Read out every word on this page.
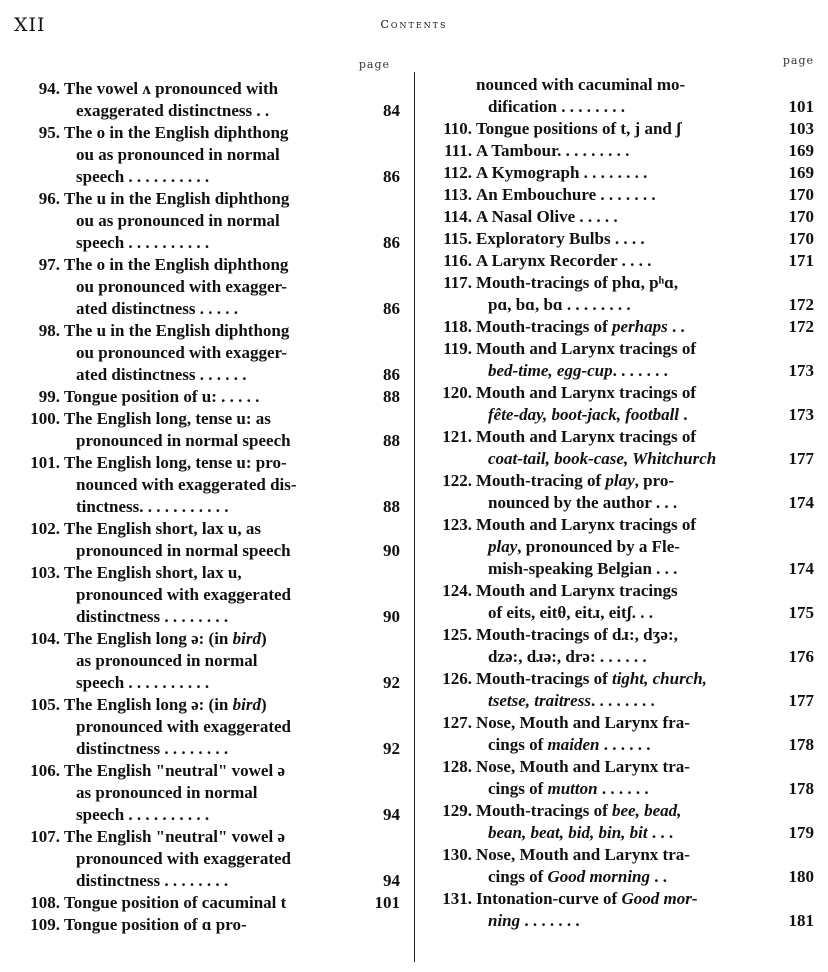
XII	Contents
page
94. The vowel ʌ pronounced with
exaggerated distinctness . .	84
95. The o in the English diphthong
ou as pronounced in normal
speech . . . . . . . . . .	86
96. The u in the English diphthong
ou as pronounced in normal
speech . . . . . . . . . .	86
97. The o in the English diphthong
ou pronounced with exagger-
ated distinctness . . . . .	86
98. The u in the English diphthong
ou pronounced with exagger-
ated distinctness . . . . . .	86
99. Tongue position of u: . . . . .	88
100. The English long, tense u: as
pronounced in normal speech	88
101. The English long, tense u: pro-
nounced with exaggerated dis-
tinctness. . . . . . . . . . .	88
102. The English short, lax u, as
pronounced in normal speech	90
103. The English short, lax u,
pronounced with exaggerated
distinctness . . . . . . . .	90
104. The English long ə: (in bird)
as pronounced in normal
speech . . . . . . . . . .	92
105. The English long ə: (in bird)
pronounced with exaggerated
distinctness . . . . . . . .	92
106. The English "neutral" vowel ə
as pronounced in normal
speech . . . . . . . . . .	94
107. The English "neutral" vowel ə
pronounced with exaggerated
distinctness . . . . . . . .	94
108. Tongue position of cacuminal t	101
109. Tongue position of ɑ pro-
page
nounced with cacuminal mo-
dification . . . . . . . .	101
110. Tongue positions of t, j and ʃ	103
111. A Tambour. . . . . . . . .	169
112. A Kymograph . . . . . . . .	169
113. An Embouchure . . . . . . .	170
114. A Nasal Olive . . . . .	170
115. Exploratory Bulbs . . . .	170
116. A Larynx Recorder . . . .	171
117. Mouth-tracings of phɑ, pʰɑ,
pɑ, bɑ, bɑ . . . . . . . .	172
118. Mouth-tracings of perhaps . .	172
119. Mouth and Larynx tracings of
bed-time, egg-cup. . . . . . .	173
120. Mouth and Larynx tracings of
fête-day, boot-jack, football .	173
121. Mouth and Larynx tracings of
coat-tail, book-case, Whitchurch	177
122. Mouth-tracing of play, pro-
nounced by the author . . .	174
123. Mouth and Larynx tracings of
play, pronounced by a Fle-
mish-speaking Belgian . . .	174
124. Mouth and Larynx tracings
of eits, eitθ, eitɹ, eitʃ. . .	175
125. Mouth-tracings of dɹ:, dʒə:,
dzə:, dɹə:, drə: . . . . . .	176
126. Mouth-tracings of tight, church,
tsetse, traitress. . . . . . . .	177
127. Nose, Mouth and Larynx fra-
cings of maiden . . . . . .	178
128. Nose, Mouth and Larynx tra-
cings of mutton . . . . . .	178
129. Mouth-tracings of bee, bead,
bean, beat, bid, bin, bit . . .	179
130. Nose, Mouth and Larynx tra-
cings of Good morning . .	180
131. Intonation-curve of Good mor-
ning . . . . . . .	181
